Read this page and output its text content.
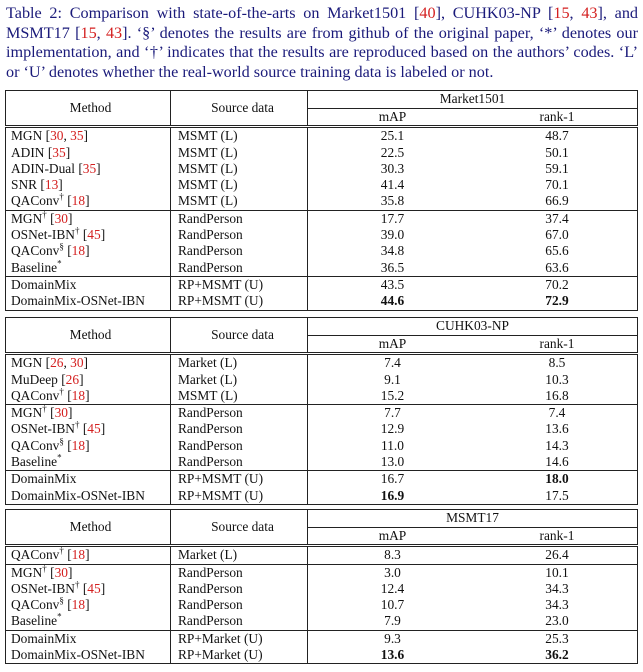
Table 2: Comparison with state-of-the-arts on Market1501 [40], CUHK03-NP [15, 43], and MSMT17 [15, 43]. ‘§’ denotes the results are from github of the original paper, ‘*’ denotes our implementation, and ‘†’ indicates that the results are reproduced based on the authors’ codes. ‘L’ or ‘U’ denotes whether the real-world source training data is labeled or not.
Method	Source data	Market1501	
		mAP	rank-1
MGN [30, 35]	MSMT (L)	25.1	48.7
ADIN [35]	MSMT (L)	22.5	50.1
ADIN-Dual [35]	MSMT (L)	30.3	59.1
SNR [13]	MSMT (L)	41.4	70.1
QAConv† [18]	MSMT (L)	35.8	66.9
MGN† [30]	RandPerson	17.7	37.4
OSNet-IBN† [45]	RandPerson	39.0	67.0
QAConv§ [18]	RandPerson	34.8	65.6
Baseline*	RandPerson	36.5	63.6
DomainMix	RP+MSMT (U)	43.5	70.2
DomainMix-OSNet-IBN	RP+MSMT (U)	44.6	72.9
Method	Source data	CUHK03-NP	
		mAP	rank-1
MGN [26, 30]	Market (L)	7.4	8.5
MuDeep [26]	Market (L)	9.1	10.3
QAConv† [18]	MSMT (L)	15.2	16.8
MGN† [30]	RandPerson	7.7	7.4
OSNet-IBN† [45]	RandPerson	12.9	13.6
QAConv§ [18]	RandPerson	11.0	14.3
Baseline*	RandPerson	13.0	14.6
DomainMix	RP+MSMT (U)	16.7	18.0
DomainMix-OSNet-IBN	RP+MSMT (U)	16.9	17.5
Method	Source data	MSMT17	
		mAP	rank-1
QAConv† [18]	Market (L)	8.3	26.4
MGN† [30]	RandPerson	3.0	10.1
OSNet-IBN† [45]	RandPerson	12.4	34.3
QAConv§ [18]	RandPerson	10.7	34.3
Baseline*	RandPerson	7.9	23.0
DomainMix	RP+Market (U)	9.3	25.3
DomainMix-OSNet-IBN	RP+Market (U)	13.6	36.2
